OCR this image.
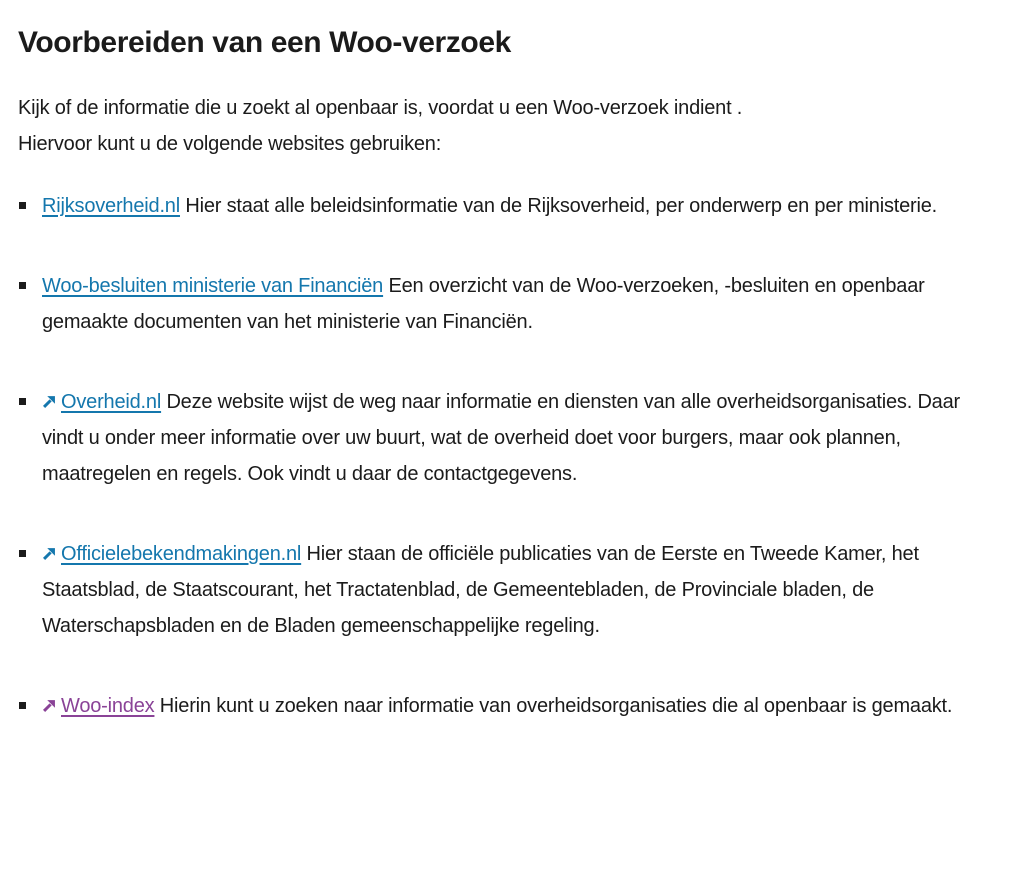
Voorbereiden van een Woo-verzoek

Kijk of de informatie die u zoekt al openbaar is, voordat u een Woo-verzoek indient .
Hiervoor kunt u de volgende websites gebruiken:

Rijksoverheid.nl Hier staat alle beleidsinformatie van de Rijksoverheid, per onderwerp en per ministerie.
Woo-besluiten ministerie van Financiën Een overzicht van de Woo-verzoeken, -besluiten en openbaar gemaakte documenten van het ministerie van Financiën.
Overheid.nl Deze website wijst de weg naar informatie en diensten van alle overheidsorganisaties. Daar vindt u onder meer informatie over uw buurt, wat de overheid doet voor burgers, maar ook plannen, maatregelen en regels. Ook vindt u daar de contactgegevens.
Officielebekendmakingen.nl Hier staan de officiële publicaties van de Eerste en Tweede Kamer, het Staatsblad, de Staatscourant, het Tractatenblad, de Gemeentebladen, de Provinciale bladen, de Waterschapsbladen en de Bladen gemeenschappelijke regeling.
Woo-index Hierin kunt u zoeken naar informatie van overheidsorganisaties die al openbaar is gemaakt.
